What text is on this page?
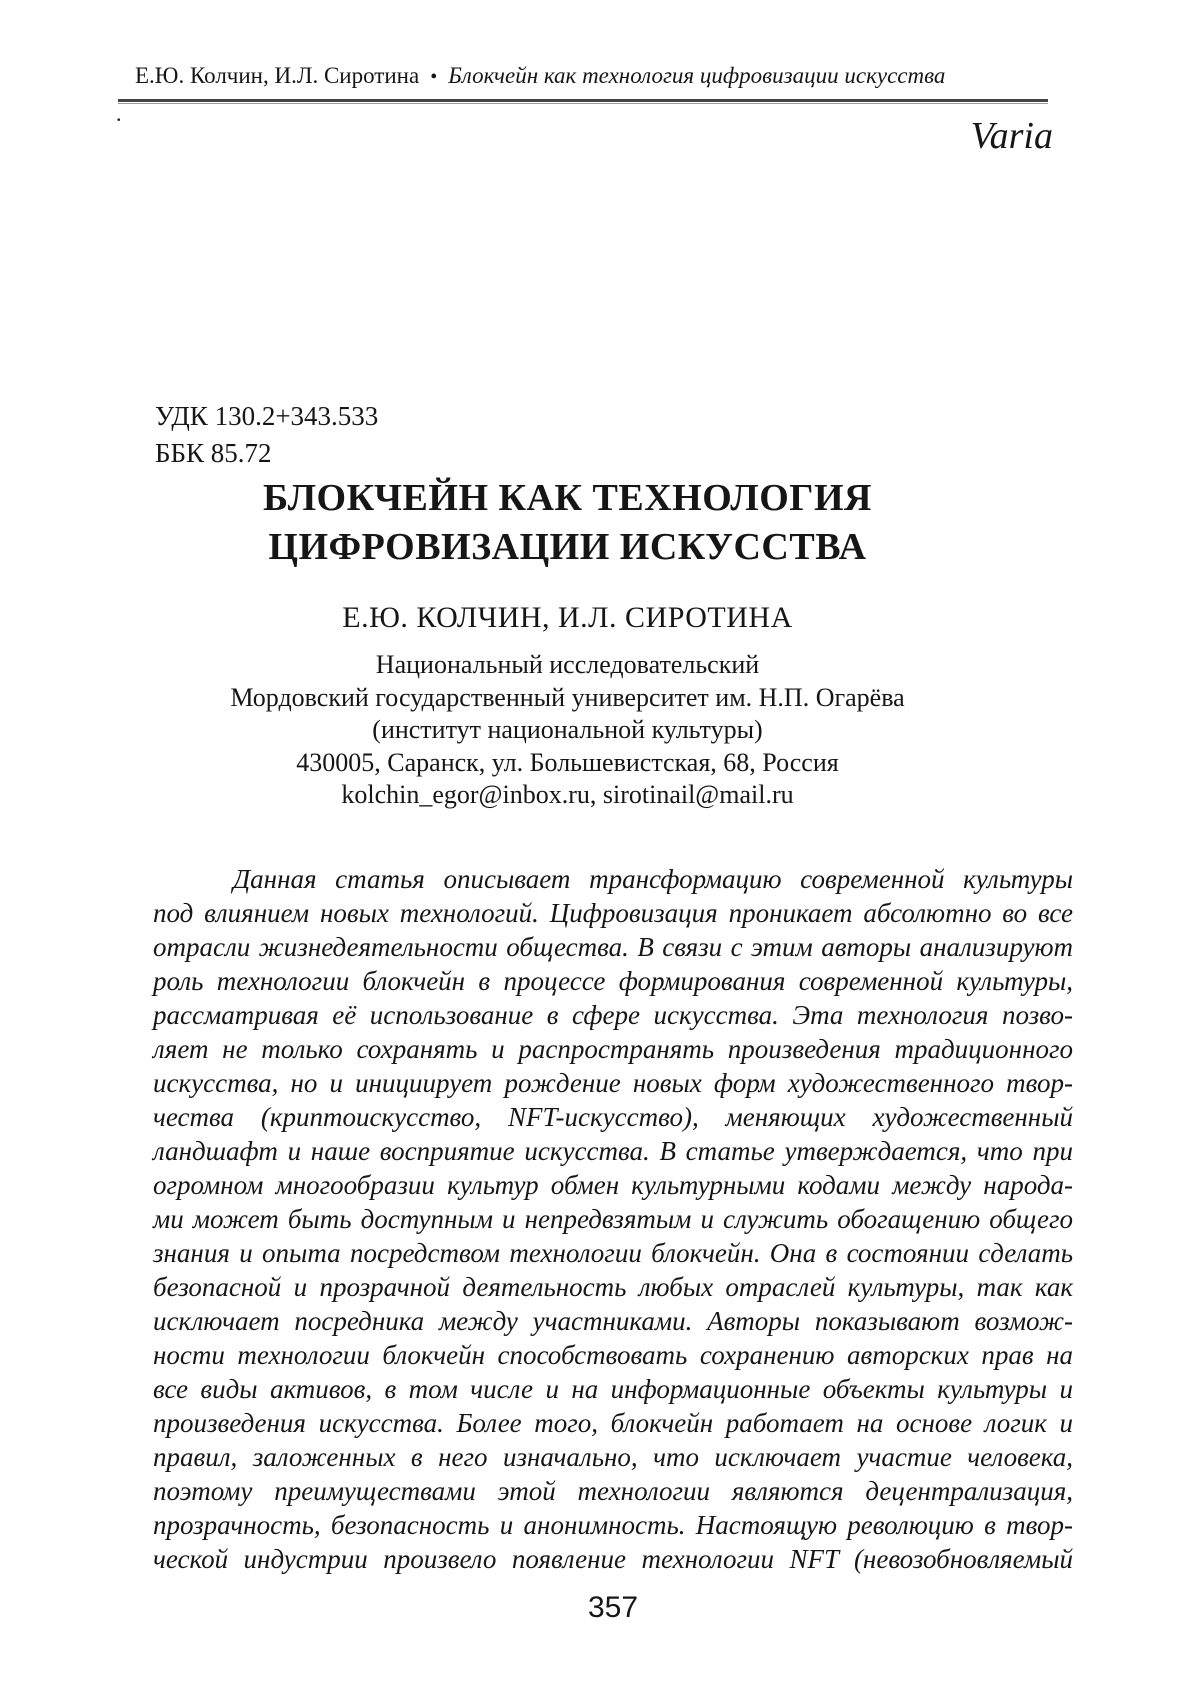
Е.Ю. Колчин, И.Л. Сиротина • Блокчейн как технология цифровизации искусства
.
Varia
УДК 130.2+343.533
ББК 85.72
БЛОКЧЕЙН КАК ТЕХНОЛОГИЯ
ЦИФРОВИЗАЦИИ ИСКУССТВА
Е.Ю. КОЛЧИН, И.Л. СИРОТИНА
Национальный исследовательский
Мордовский государственный университет им. Н.П. Огарёва
(институт национальной культуры)
430005, Саранск, ул. Большевистская, 68, Россия
kolchin_egor@inbox.ru, sirotinail@mail.ru
Данная статья описывает трансформацию современной культуры
под влиянием новых технологий. Цифровизация проникает абсолютно во все
отрасли жизнедеятельности общества. В связи с этим авторы анализируют
роль технологии блокчейн в процессе формирования современной культуры,
рассматривая её использование в сфере искусства. Эта технология позво-
ляет не только сохранять и распространять произведения традиционного
искусства, но и инициирует рождение новых форм художественного твор-
чества (криптоискусство, NFT-искусство), меняющих художественный
ландшафт и наше восприятие искусства. В статье утверждается, что при
огромном многообразии культур обмен культурными кодами между народа-
ми может быть доступным и непредвзятым и служить обогащению общего
знания и опыта посредством технологии блокчейн. Она в состоянии сделать
безопасной и прозрачной деятельность любых отраслей культуры, так как
исключает посредника между участниками. Авторы показывают возмож-
ности технологии блокчейн способствовать сохранению авторских прав на
все виды активов, в том числе и на информационные объекты культуры и
произведения искусства. Более того, блокчейн работает на основе логик и
правил, заложенных в него изначально, что исключает участие человека,
поэтому преимуществами этой технологии являются децентрализация,
прозрачность, безопасность и анонимность. Настоящую революцию в твор-
ческой индустрии произвело появление технологии NFT (невозобновляемый
357
